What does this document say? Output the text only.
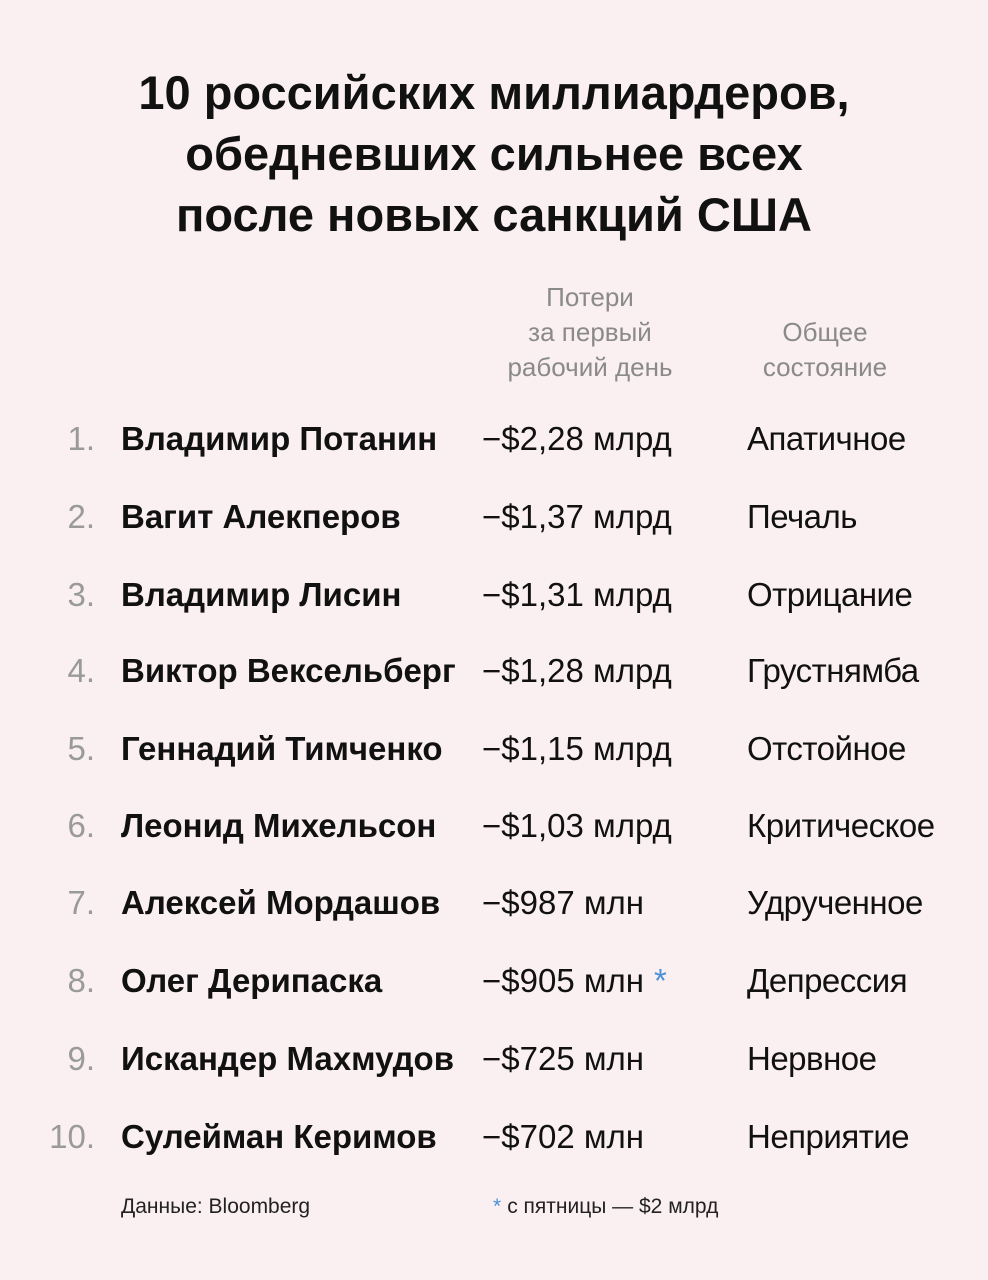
10 российских миллиардеров,
обедневших сильнее всех
после новых санкций США
Потери
за первый
рабочий день
Общее
состояние
1. Владимир Потанин −$2,28 млрд Апатичное
2. Вагит Алекперов −$1,37 млрд Печаль
3. Владимир Лисин −$1,31 млрд Отрицание
4. Виктор Вексельберг −$1,28 млрд Грустнямба
5. Геннадий Тимченко −$1,15 млрд Отстойное
6. Леонид Михельсон −$1,03 млрд Критическое
7. Алексей Мордашов −$987 млн	Удрученное
8. Олег Дерипаска	−$905 млн * Депрессия
9. Искандер Махмудов −$725 млн	Нервное
10. Сулейман Керимов −$702 млн	Неприятие
Данные: Bloomberg	* с пятницы — $2 млрд
